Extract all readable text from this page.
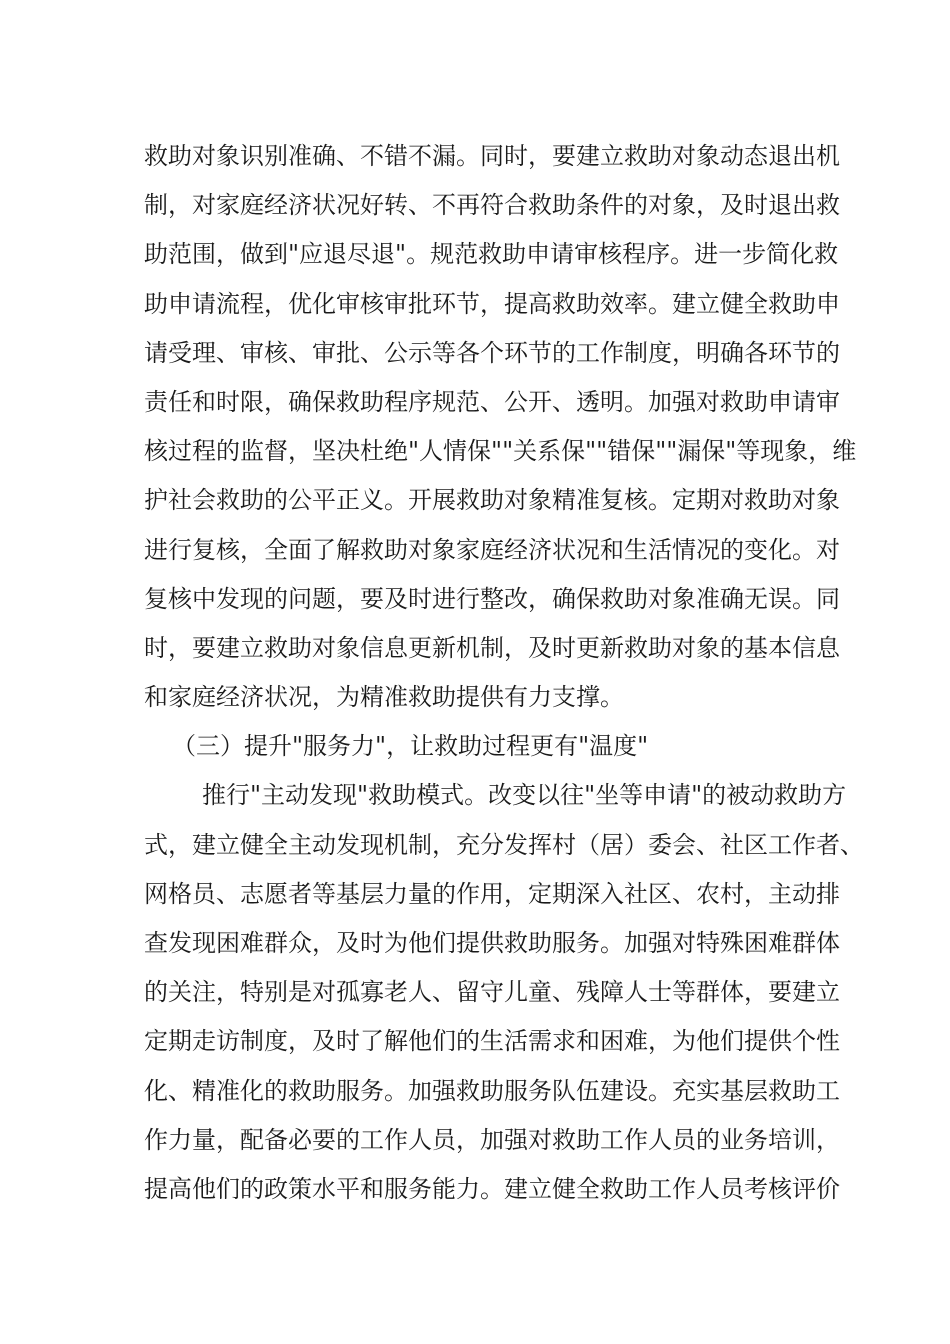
救助对象识别准确、不错不漏。同时，要建立救助对象动态退出机
制，对家庭经济状况好转、不再符合救助条件的对象，及时退出救
助范围，做到"应退尽退"。规范救助申请审核程序。进一步简化救
助申请流程，优化审核审批环节，提高救助效率。建立健全救助申
请受理、审核、审批、公示等各个环节的工作制度，明确各环节的
责任和时限，确保救助程序规范、公开、透明。加强对救助申请审
核过程的监督，坚决杜绝"人情保""关系保""错保""漏保"等现象，维
护社会救助的公平正义。开展救助对象精准复核。定期对救助对象
进行复核，全面了解救助对象家庭经济状况和生活情况的变化。对
复核中发现的问题，要及时进行整改，确保救助对象准确无误。同
时，要建立救助对象信息更新机制，及时更新救助对象的基本信息
和家庭经济状况，为精准救助提供有力支撑。
（三）提升"服务力"，让救助过程更有"温度"
推行"主动发现"救助模式。改变以往"坐等申请"的被动救助方
式，建立健全主动发现机制，充分发挥村（居）委会、社区工作者、
网格员、志愿者等基层力量的作用，定期深入社区、农村，主动排
查发现困难群众，及时为他们提供救助服务。加强对特殊困难群体
的关注，特别是对孤寡老人、留守儿童、残障人士等群体，要建立
定期走访制度，及时了解他们的生活需求和困难，为他们提供个性
化、精准化的救助服务。加强救助服务队伍建设。充实基层救助工
作力量，配备必要的工作人员，加强对救助工作人员的业务培训，
提高他们的政策水平和服务能力。建立健全救助工作人员考核评价
